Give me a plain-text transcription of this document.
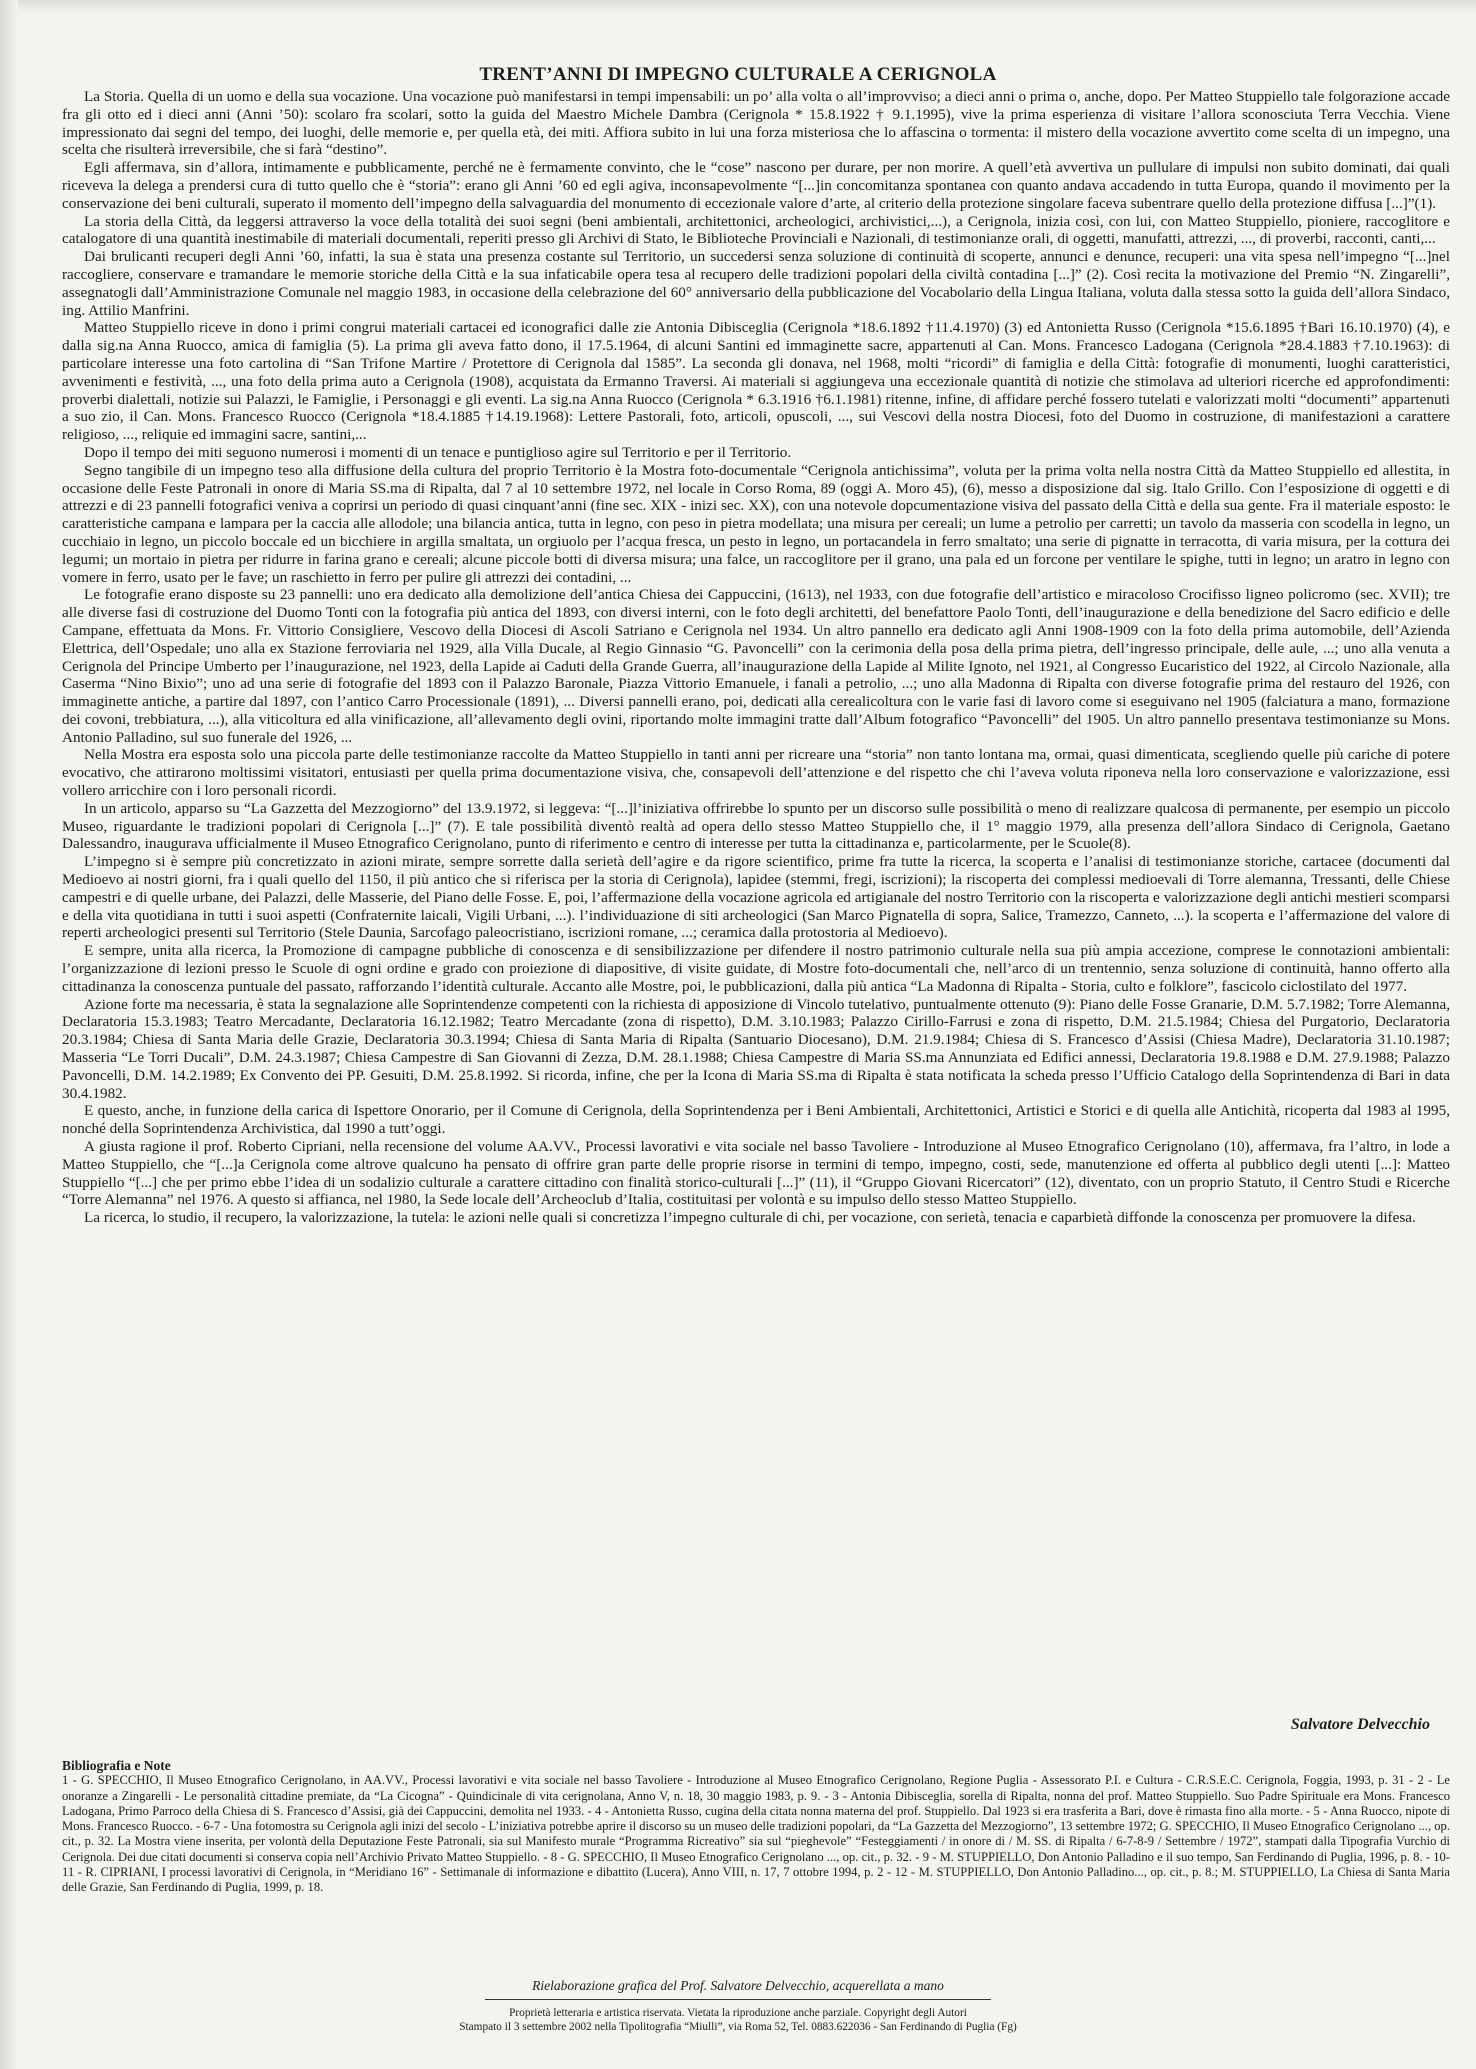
TRENT’ANNI DI IMPEGNO CULTURALE A CERIGNOLA

La Storia. Quella di un uomo e della sua vocazione. Una vocazione può manifestarsi in tempi impensabili: un po’ alla volta o all’improvviso; a dieci anni o prima o, anche, dopo. Per Matteo Stuppiello tale folgorazione accade fra gli otto ed i dieci anni (Anni ’50): scolaro fra scolari, sotto la guida del Maestro Michele Dambra (Cerignola * 15.8.1922 † 9.1.1995), vive la prima esperienza di visitare l’allora sconosciuta Terra Vecchia. Viene impressionato dai segni del tempo, dei luoghi, delle memorie e, per quella età, dei miti. Affiora subito in lui una forza misteriosa che lo affascina o tormenta: il mistero della vocazione avvertito come scelta di un impegno, una scelta che risulterà irreversibile, che si farà “destino”.

Egli affermava, sin d’allora, intimamente e pubblicamente, perché ne è fermamente convinto, che le “cose” nascono per durare, per non morire. A quell’età avvertiva un pullulare di impulsi non subito dominati, dai quali riceveva la delega a prendersi cura di tutto quello che è “storia”: erano gli Anni ’60 ed egli agiva, inconsapevolmente “[...]in concomitanza spontanea con quanto andava accadendo in tutta Europa, quando il movimento per la conservazione dei beni culturali, superato il momento dell’impegno della salvaguardia del monumento di eccezionale valore d’arte, al criterio della protezione singolare faceva subentrare quello della protezione diffusa [...]”(1).

La storia della Città, da leggersi attraverso la voce della totalità dei suoi segni (beni ambientali, architettonici, archeologici, archivistici,...), a Cerignola, inizia così, con lui, con Matteo Stuppiello, pioniere, raccoglitore e catalogatore di una quantità inestimabile di materiali documentali, reperiti presso gli Archivi di Stato, le Biblioteche Provinciali e Nazionali, di testimonianze orali, di oggetti, manufatti, attrezzi, ..., di proverbi, racconti, canti,...

Dai brulicanti recuperi degli Anni ’60, infatti, la sua è stata una presenza costante sul Territorio, un succedersi senza soluzione di continuità di scoperte, annunci e denunce, recuperi: una vita spesa nell’impegno “[...]nel raccogliere, conservare e tramandare le memorie storiche della Città e la sua infaticabile opera tesa al recupero delle tradizioni popolari della civiltà contadina [...]” (2). Così recita la motivazione del Premio “N. Zingarelli”, assegnatogli dall’Amministrazione Comunale nel maggio 1983, in occasione della celebrazione del 60° anniversario della pubblicazione del Vocabolario della Lingua Italiana, voluta dalla stessa sotto la guida dell’allora Sindaco, ing. Attilio Manfrini.

Matteo Stuppiello riceve in dono i primi congrui materiali cartacei ed iconografici dalle zie Antonia Dibisceglia (Cerignola *18.6.1892 †11.4.1970) (3) ed Antonietta Russo (Cerignola *15.6.1895 †Bari 16.10.1970) (4), e dalla sig.na Anna Ruocco, amica di famiglia (5). La prima gli aveva fatto dono, il 17.5.1964, di alcuni Santini ed immaginette sacre, appartenuti al Can. Mons. Francesco Ladogana (Cerignola *28.4.1883 †7.10.1963): di particolare interesse una foto cartolina di “San Trifone Martire / Protettore di Cerignola dal 1585”. La seconda gli donava, nel 1968, molti “ricordi” di famiglia e della Città: fotografie di monumenti, luoghi caratteristici, avvenimenti e festività, ..., una foto della prima auto a Cerignola (1908), acquistata da Ermanno Traversi. Ai materiali si aggiungeva una eccezionale quantità di notizie che stimolava ad ulteriori ricerche ed approfondimenti: proverbi dialettali, notizie sui Palazzi, le Famiglie, i Personaggi e gli eventi. La sig.na Anna Ruocco (Cerignola * 6.3.1916 †6.1.1981) ritenne, infine, di affidare perché fossero tutelati e valorizzati molti “documenti” appartenuti a suo zio, il Can. Mons. Francesco Ruocco (Cerignola *18.4.1885 †14.19.1968): Lettere Pastorali, foto, articoli, opuscoli, ..., sui Vescovi della nostra Diocesi, foto del Duomo in costruzione, di manifestazioni a carattere religioso, ..., reliquie ed immagini sacre, santini,...

Dopo il tempo dei miti seguono numerosi i momenti di un tenace e puntiglioso agire sul Territorio e per il Territorio.

Segno tangibile di un impegno teso alla diffusione della cultura del proprio Territorio è la Mostra foto-documentale “Cerignola antichissima”, voluta per la prima volta nella nostra Città da Matteo Stuppiello ed allestita, in occasione delle Feste Patronali in onore di Maria SS.ma di Ripalta, dal 7 al 10 settembre 1972, nel locale in Corso Roma, 89 (oggi A. Moro 45), (6), messo a disposizione dal sig. Italo Grillo. Con l’esposizione di oggetti e di attrezzi e di 23 pannelli fotografici veniva a coprirsi un periodo di quasi cinquant’anni (fine sec. XIX - inizi sec. XX), con una notevole dopcumentazione visiva del passato della Città e della sua gente. Fra il materiale esposto: le caratteristiche campana e lampara per la caccia alle allodole; una bilancia antica, tutta in legno, con peso in pietra modellata; una misura per cereali; un lume a petrolio per carretti; un tavolo da masseria con scodella in legno, un cucchiaio in legno, un piccolo boccale ed un bicchiere in argilla smaltata, un orgiuolo per l’acqua fresca, un pesto in legno, un portacandela in ferro smaltato; una serie di pignatte in terracotta, di varia misura, per la cottura dei legumi; un mortaio in pietra per ridurre in farina grano e cereali; alcune piccole botti di diversa misura; una falce, un raccoglitore per il grano, una pala ed un forcone per ventilare le spighe, tutti in legno; un aratro in legno con vomere in ferro, usato per le fave; un raschietto in ferro per pulire gli attrezzi dei contadini, ...

Le fotografie erano disposte su 23 pannelli: uno era dedicato alla demolizione dell’antica Chiesa dei Cappuccini, (1613), nel 1933, con due fotografie dell’artistico e miracoloso Crocifisso ligneo policromo (sec. XVII); tre alle diverse fasi di costruzione del Duomo Tonti con la fotografia più antica del 1893, con diversi interni, con le foto degli architetti, del benefattore Paolo Tonti, dell’inaugurazione e della benedizione del Sacro edificio e delle Campane, effettuata da Mons. Fr. Vittorio Consigliere, Vescovo della Diocesi di Ascoli Satriano e Cerignola nel 1934. Un altro pannello era dedicato agli Anni 1908-1909 con la foto della prima automobile, dell’Azienda Elettrica, dell’Ospedale; uno alla ex Stazione ferroviaria nel 1929, alla Villa Ducale, al Regio Ginnasio “G. Pavoncelli” con la cerimonia della posa della prima pietra, dell’ingresso principale, delle aule, ...; uno alla venuta a Cerignola del Principe Umberto per l’inaugurazione, nel 1923, della Lapide ai Caduti della Grande Guerra, all’inaugurazione della Lapide al Milite Ignoto, nel 1921, al Congresso Eucaristico del 1922, al Circolo Nazionale, alla Caserma “Nino Bixio”; uno ad una serie di fotografie del 1893 con il Palazzo Baronale, Piazza Vittorio Emanuele, i fanali a petrolio, ...; uno alla Madonna di Ripalta con diverse fotografie prima del restauro del 1926, con immaginette antiche, a partire dal 1897, con l’antico Carro Processionale (1891), ... Diversi pannelli erano, poi, dedicati alla cerealicoltura con le varie fasi di lavoro come si eseguivano nel 1905 (falciatura a mano, formazione dei covoni, trebbiatura, ...), alla viticoltura ed alla vinificazione, all’allevamento degli ovini, riportando molte immagini tratte dall’Album fotografico “Pavoncelli” del 1905. Un altro pannello presentava testimonianze su Mons. Antonio Palladino, sul suo funerale del 1926, ...

Nella Mostra era esposta solo una piccola parte delle testimonianze raccolte da Matteo Stuppiello in tanti anni per ricreare una “storia” non tanto lontana ma, ormai, quasi dimenticata, scegliendo quelle più cariche di potere evocativo, che attirarono moltissimi visitatori, entusiasti per quella prima documentazione visiva, che, consapevoli dell’attenzione e del rispetto che chi l’aveva voluta riponeva nella loro conservazione e valorizzazione, essi vollero arricchire con i loro personali ricordi.

In un articolo, apparso su “La Gazzetta del Mezzogiorno” del 13.9.1972, si leggeva: “[...]l’iniziativa offrirebbe lo spunto per un discorso sulle possibilità o meno di realizzare qualcosa di permanente, per esempio un piccolo Museo, riguardante le tradizioni popolari di Cerignola [...]” (7). E tale possibilità diventò realtà ad opera dello stesso Matteo Stuppiello che, il 1° maggio 1979, alla presenza dell’allora Sindaco di Cerignola, Gaetano Dalessandro, inaugurava ufficialmente il Museo Etnografico Cerignolano, punto di riferimento e centro di interesse per tutta la cittadinanza e, particolarmente, per le Scuole(8).

L’impegno si è sempre più concretizzato in azioni mirate, sempre sorrette dalla serietà dell’agire e da rigore scientifico, prime fra tutte la ricerca, la scoperta e l’analisi di testimonianze storiche, cartacee (documenti dal Medioevo ai nostri giorni, fra i quali quello del 1150, il più antico che si riferisca per la storia di Cerignola), lapidee (stemmi, fregi, iscrizioni); la riscoperta dei complessi medioevali di Torre alemanna, Tressanti, delle Chiese campestri e di quelle urbane, dei Palazzi, delle Masserie, del Piano delle Fosse. E, poi, l’affermazione della vocazione agricola ed artigianale del nostro Territorio con la riscoperta e valorizzazione degli antichi mestieri scomparsi e della vita quotidiana in tutti i suoi aspetti (Confraternite laicali, Vigili Urbani, ...). l’individuazione di siti archeologici (San Marco Pignatella di sopra, Salice, Tramezzo, Canneto, ...). la scoperta e l’affermazione del valore di reperti archeologici presenti sul Territorio (Stele Daunia, Sarcofago paleocristiano, iscrizioni romane, ...; ceramica dalla protostoria al Medioevo).

E sempre, unita alla ricerca, la Promozione di campagne pubbliche di conoscenza e di sensibilizzazione per difendere il nostro patrimonio culturale nella sua più ampia accezione, comprese le connotazioni ambientali: l’organizzazione di lezioni presso le Scuole di ogni ordine e grado con proiezione di diapositive, di visite guidate, di Mostre foto-documentali che, nell’arco di un trentennio, senza soluzione di continuità, hanno offerto alla cittadinanza la conoscenza puntuale del passato, rafforzando l’identità culturale. Accanto alle Mostre, poi, le pubblicazioni, dalla più antica “La Madonna di Ripalta - Storia, culto e folklore”, fascicolo ciclostilato del 1977.

Azione forte ma necessaria, è stata la segnalazione alle Soprintendenze competenti con la richiesta di apposizione di Vincolo tutelativo, puntualmente ottenuto (9): Piano delle Fosse Granarie, D.M. 5.7.1982; Torre Alemanna, Declaratoria 15.3.1983; Teatro Mercadante, Declaratoria 16.12.1982; Teatro Mercadante (zona di rispetto), D.M. 3.10.1983; Palazzo Cirillo-Farrusi e zona di rispetto, D.M. 21.5.1984; Chiesa del Purgatorio, Declaratoria 20.3.1984; Chiesa di Santa Maria delle Grazie, Declaratoria 30.3.1994; Chiesa di Santa Maria di Ripalta (Santuario Diocesano), D.M. 21.9.1984; Chiesa di S. Francesco d’Assisi (Chiesa Madre), Declaratoria 31.10.1987; Masseria “Le Torri Ducali”, D.M. 24.3.1987; Chiesa Campestre di San Giovanni di Zezza, D.M. 28.1.1988; Chiesa Campestre di Maria SS.ma Annunziata ed Edifici annessi, Declaratoria 19.8.1988 e D.M. 27.9.1988; Palazzo Pavoncelli, D.M. 14.2.1989; Ex Convento dei PP. Gesuiti, D.M. 25.8.1992. Si ricorda, infine, che per la Icona di Maria SS.ma di Ripalta è stata notificata la scheda presso l’Ufficio Catalogo della Soprintendenza di Bari in data 30.4.1982.

E questo, anche, in funzione della carica di Ispettore Onorario, per il Comune di Cerignola, della Soprintendenza per i Beni Ambientali, Architettonici, Artistici e Storici e di quella alle Antichità, ricoperta dal 1983 al 1995, nonché della Soprintendenza Archivistica, dal 1990 a tutt’oggi.

A giusta ragione il prof. Roberto Cipriani, nella recensione del volume AA.VV., Processi lavorativi e vita sociale nel basso Tavoliere - Introduzione al Museo Etnografico Cerignolano (10), affermava, fra l’altro, in lode a Matteo Stuppiello, che “[...]a Cerignola come altrove qualcuno ha pensato di offrire gran parte delle proprie risorse in termini di tempo, impegno, costi, sede, manutenzione ed offerta al pubblico degli utenti [...]: Matteo Stuppiello “[...] che per primo ebbe l’idea di un sodalizio culturale a carattere cittadino con finalità storico-culturali [...]” (11), il “Gruppo Giovani Ricercatori” (12), diventato, con un proprio Statuto, il Centro Studi e Ricerche “Torre Alemanna” nel 1976. A questo si affianca, nel 1980, la Sede locale dell’Archeoclub d’Italia, costituitasi per volontà e su impulso dello stesso Matteo Stuppiello.

La ricerca, lo studio, il recupero, la valorizzazione, la tutela: le azioni nelle quali si concretizza l’impegno culturale di chi, per vocazione, con serietà, tenacia e caparbietà diffonde la conoscenza per promuovere la difesa.

Salvatore Delvecchio

Bibliografia e Note

1 - G. SPECCHIO, Il Museo Etnografico Cerignolano, in AA.VV., Processi lavorativi e vita sociale nel basso Tavoliere - Introduzione al Museo Etnografico Cerignolano, Regione Puglia - Assessorato P.I. e Cultura - C.R.S.E.C. Cerignola, Foggia, 1993, p. 31 - 2 - Le onoranze a Zingarelli - Le personalità cittadine premiate, da “La Cicogna” - Quindicinale di vita cerignolana, Anno V, n. 18, 30 maggio 1983, p. 9. - 3 - Antonia Dibisceglia, sorella di Ripalta, nonna del prof. Matteo Stuppiello. Suo Padre Spirituale era Mons. Francesco Ladogana, Primo Parroco della Chiesa di S. Francesco d’Assisi, già dei Cappuccini, demolita nel 1933. - 4 - Antonietta Russo, cugina della citata nonna materna del prof. Stuppiello. Dal 1923 si era trasferita a Bari, dove è rimasta fino alla morte. - 5 - Anna Ruocco, nipote di Mons. Francesco Ruocco. - 6-7 - Una fotomostra su Cerignola agli inizi del secolo - L’iniziativa potrebbe aprire il discorso su un museo delle tradizioni popolari, da “La Gazzetta del Mezzogiorno”, 13 settembre 1972; G. SPECCHIO, Il Museo Etnografico Cerignolano ..., op. cit., p. 32. La Mostra viene inserita, per volontà della Deputazione Feste Patronali, sia sul Manifesto murale “Programma Ricreativo” sia sul “pieghevole” “Festeggiamenti / in onore di / M. SS. di Ripalta / 6-7-8-9 / Settembre / 1972”, stampati dalla Tipografia Vurchio di Cerignola. Dei due citati documenti si conserva copia nell’Archivio Privato Matteo Stuppiello. - 8 - G. SPECCHIO, Il Museo Etnografico Cerignolano ..., op. cit., p. 32. - 9 - M. STUPPIELLO, Don Antonio Palladino e il suo tempo, San Ferdinando di Puglia, 1996, p. 8. - 10-11 - R. CIPRIANI, I processi lavorativi di Cerignola, in “Meridiano 16” - Settimanale di informazione e dibattito (Lucera), Anno VIII, n. 17, 7 ottobre 1994, p. 2 - 12 - M. STUPPIELLO, Don Antonio Palladino..., op. cit., p. 8.; M. STUPPIELLO, La Chiesa di Santa Maria delle Grazie, San Ferdinando di Puglia, 1999, p. 18.

Rielaborazione grafica del Prof. Salvatore Delvecchio, acquerellata a mano
Proprietà letteraria e artistica riservata. Vietata la riproduzione anche parziale. Copyright degli Autori
Stampato il 3 settembre 2002 nella Tipolitografia “Miulli”, via Roma 52, Tel. 0883.622036 - San Ferdinando di Puglia (Fg)
